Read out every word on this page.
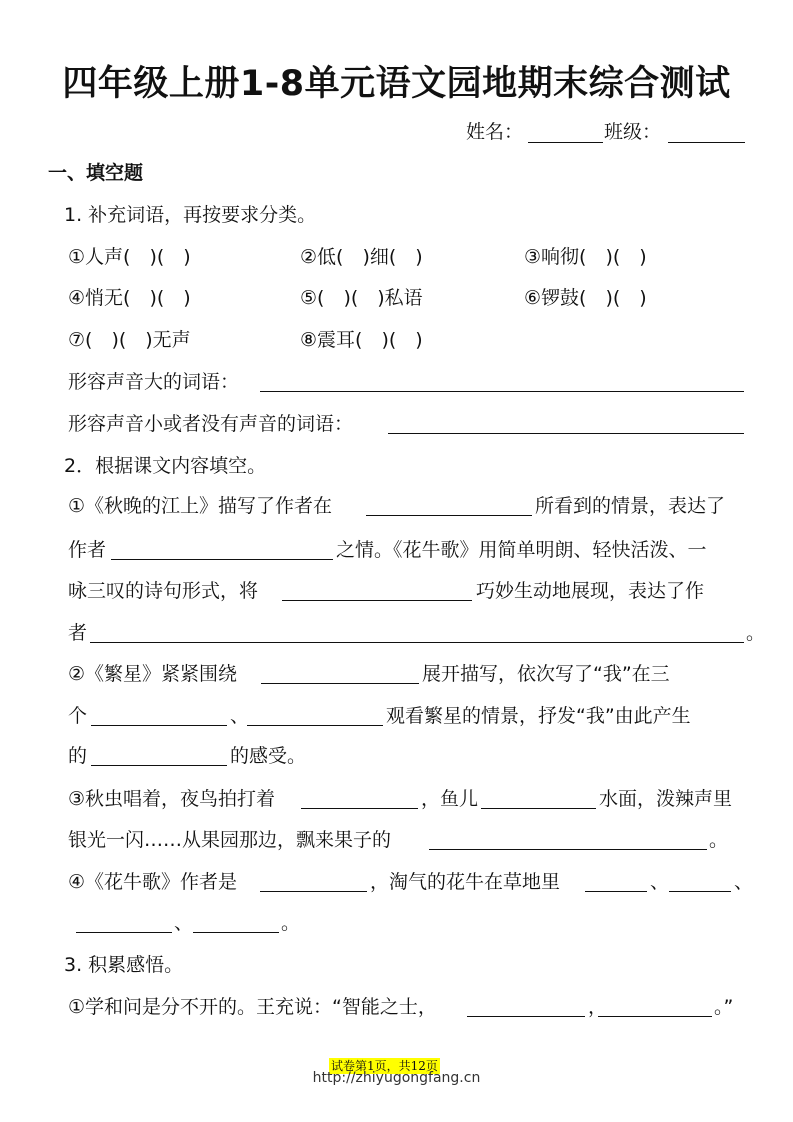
四年级上册1-8单元语文园地期末综合测试
姓名：	班级：
一、填空题
1. 补充词语，再按要求分类。
①人声(　)(　)	②低(　)细(　)	③响彻(　)(　)
④悄无(　)(　)	⑤(　)(　)私语	⑥锣鼓(　)(　)
⑦(　)(　)无声	⑧震耳(　)(　)
形容声音大的词语：
形容声音小或者没有声音的词语：
2．根据课文内容填空。
①《秋晚的江上》描写了作者在	所看到的情景，表达了
作者	之情。《花牛歌》用简单明朗、轻快活泼、一
咏三叹的诗句形式，将	巧妙生动地展现，表达了作
者	。
②《繁星》紧紧围绕	展开描写，依次写了“我”在三
个	、	观看繁星的情景，抒发“我”由此产生
的	的感受。
③秋虫唱着，夜鸟拍打着	，鱼儿	水面，泼辣声里
银光一闪……从果园那边，飘来果子的	。
④《花牛歌》作者是	，淘气的花牛在草地里	、	、
、	。
3. 积累感悟。
①学和问是分不开的。王充说：“智能之士，	，	。”
试卷第1页，共12页
http://zhiyugongfang.cn
